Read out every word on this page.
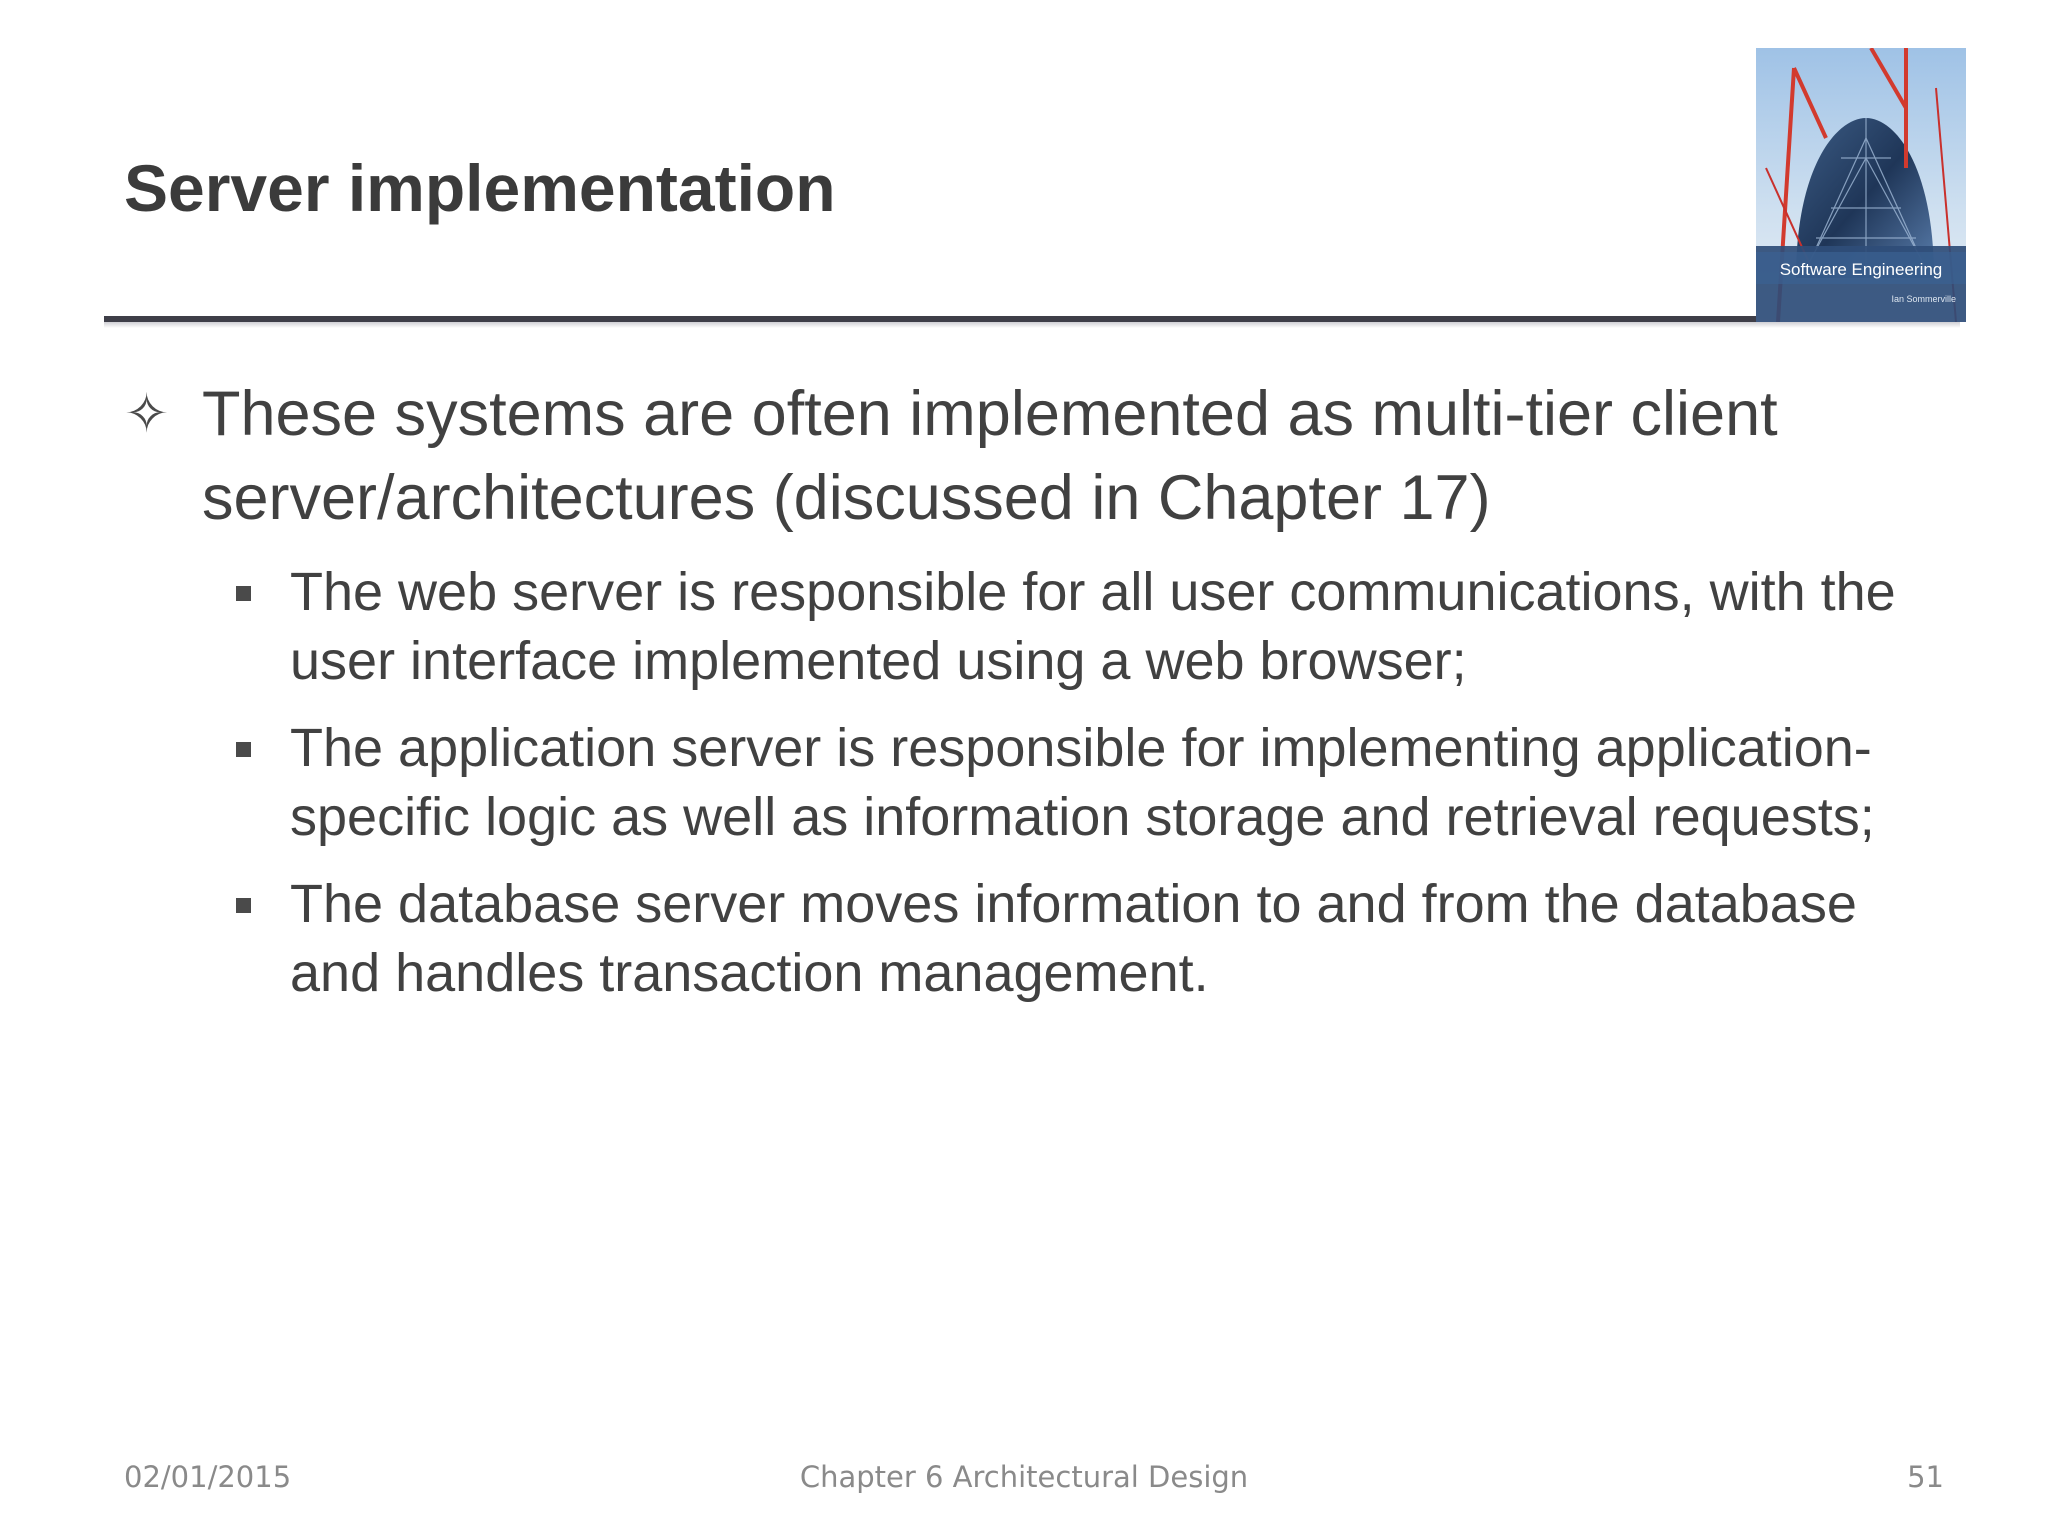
Server implementation
Software Engineering
Ian Sommerville
✧ These systems are often implemented as multi-tier client server/architectures (discussed in Chapter 17)
The web server is responsible for all user communications, with the user interface implemented using a web browser;
The application server is responsible for implementing application-specific logic as well as information storage and retrieval requests;
The database server moves information to and from the database and handles transaction management.
02/01/2015	Chapter 6 Architectural Design	51
